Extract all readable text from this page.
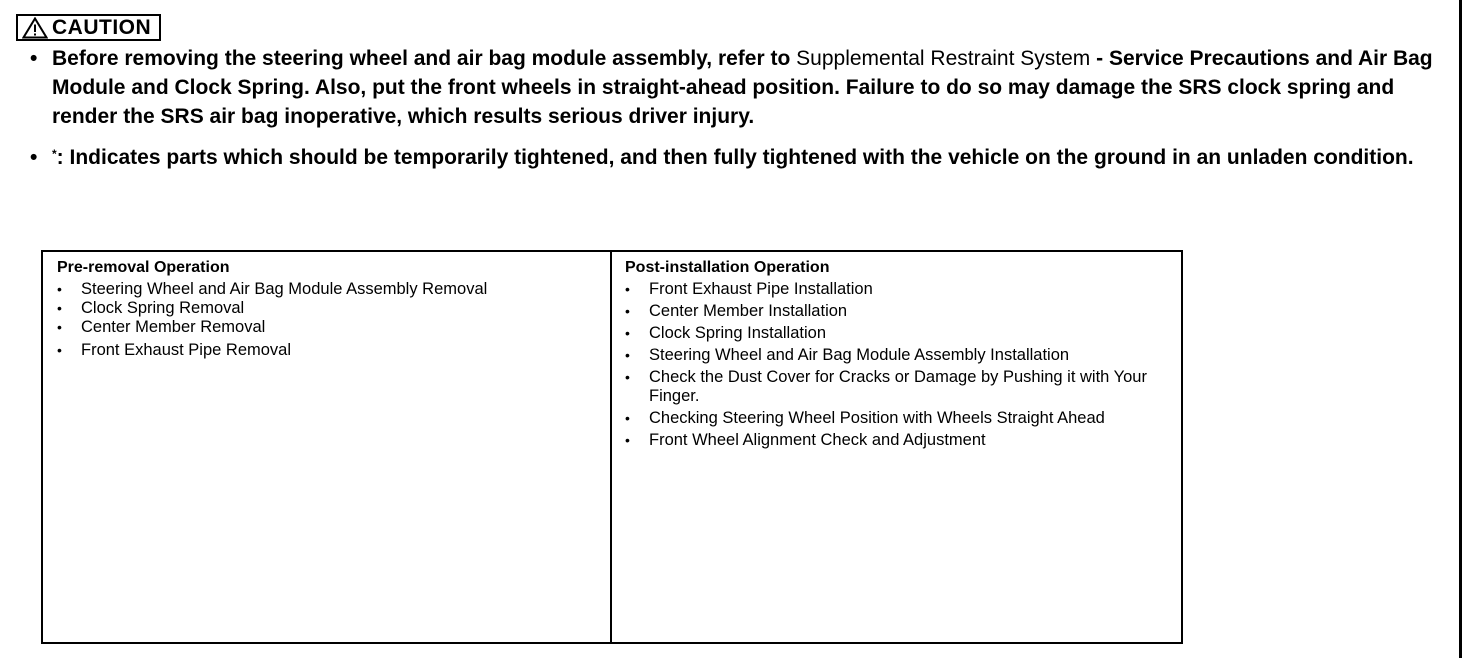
CAUTION
• Before removing the steering wheel and air bag module assembly, refer to Supplemental Restraint System - Service Precautions and Air Bag Module and Clock Spring. Also, put the front wheels in straight-ahead position. Failure to do so may damage the SRS clock spring and render the SRS air bag inoperative, which results serious driver injury.
•	*: Indicates parts which should be temporarily tightened, and then fully tightened with the vehicle on the ground in an unladen condition.
Pre-removal Operation
•	Steering Wheel and Air Bag Module Assembly Removal
•	Clock Spring Removal
•	Center Member Removal
•	Front Exhaust Pipe Removal
Post-installation Operation
•	Front Exhaust Pipe Installation
•	Center Member Installation
•	Clock Spring Installation
•	Steering Wheel and Air Bag Module Assembly Installation
•	Check the Dust Cover for Cracks or Damage by Pushing it with Your Finger.
•	Checking Steering Wheel Position with Wheels Straight Ahead
•	Front Wheel Alignment Check and Adjustment
